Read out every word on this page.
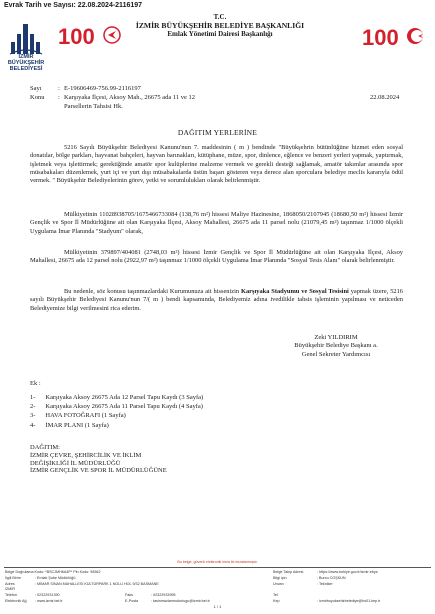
Evrak Tarih ve Sayısı: 22.08.2024-2116197
İZMİR
BÜYÜKŞEHİR
BELEDİYESİ
100
T.C.
İZMİR BÜYÜKŞEHİR BELEDİYE BAŞKANLIĞI
Emlak Yönetimi Dairesi Başkanlığı	100
Sayı	: E-19606469-756.99-2116197
22.08.2024
Konu : Karşıyaka İlçesi, Aksoy Mah., 26675 ada 11 ve 12
Parsellerin Tahsisi Hk.
DAĞITIM YERLERİNE
5216 Sayılı Büyükşehir Belediyesi Kanunu'nun 7. maddesinin ( m ) bendinde "Büyükşehrin bütünlüğüne hizmet eden sosyal donatılar, bölge parkları, hayvanat bahçeleri, hayvan barınakları, kütüphane, müze, spor, dinlence, eğlence ve benzeri yerleri yapmak, yaptırmak, işletmek veya işlettirmek; gerektiğinde amatör spor kulüplerine malzeme vermek ve gerekli desteği sağlamak, amatör takımlar arasında spor müsabakaları düzenlemek, yurt içi ve yurt dışı müsabakalarda üstün başarı gösteren veya derece alan sporculara belediye meclis kararıyla ödül vermek. " Büyükşehir Belediyelerinin görev, yetki ve sorumlulukları olarak belirlenmiştir.
Mülkiyetinin 11028938705/16754667330​84 (138,76 m²) hissesi Maliye Hazinesine, 1868050/2107945 (18680,50 m²) hissesi İzmir Gençlik ve Spor İl Müdürlüğüne ait olan Karşıyaka İlçesi, Aksoy Mahallesi, 26675 ada 11 parsel nolu (21079,45 m²) taşınmaz 1/1000 ölçekli Uygulama İmar Planında "Stadyum" olarak,
Mülkiyetinin 379897/404081 (2748,03 m²) hissesi İzmir Gençlik ve Spor İl Müdürlüğüne ait olan Karşıyaka İlçesi, Aksoy Mahallesi, 26675 ada 12 parsel nolu (2922,97 m²) taşınmaz 1/1000 ölçekli Uygulama İmar Planında "Sosyal Tesis Alanı" olarak belirlenmiştir.
Bu nedenle, söz konusu taşınmazlardaki Kurumunuza ait hissenizin Karşıyaka Stadyumu ve Sosyal Tesisini yapmak üzere, 5216 sayılı Büyükşehir Belediyesi Kanunu'nun 7/( m ) bendi kapsamında, Belediyemiz adına ivedilikle tahsis işleminin yapılması ve neticeden Belediyemize bilgi verilmesini rica ederim.
Zeki YILDIRIM
Büyükşehir Belediye Başkanı a.
Genel Sekreter Yardımcısı
Ek :
1-	Karşıyaka Aksoy 26675 Ada 12 Parsel Tapu Kaydı (3 Sayfa)
2-	Karşıyaka Aksoy 26675 Ada 11 Parsel Tapu Kaydı (4 Sayfa)
3-	HAVA FOTOĞRAFI (1 Sayfa)
4-	İMAR PLANI (1 Sayfa)
DAĞITIM:
İZMİR ÇEVRE, ŞEHİRCİLİK VE İKLİM
DEĞİŞİKLİĞİ İL MÜDÜRLÜĞÜ
İZMİR GENÇLİK VE SPOR İL MÜDÜRLÜĞÜNE
Bu belge, güvenli elektronik imza ile imzalanmıştır.
Belge Doğrulama Kodu: *BSCJMH6A4P* Pin Kodu: 98362	Belge Takip Adresi	: https://www.turkiye.gov.tr/izmir-ebys
İlgili Birim	: Emlak Şube Müdürlüğü	Bilgi için	: Burcu COŞKUN
Adres	: MİMAR SİNAN MAHALLESİ KÜLTÜRPARK 1 NOLU HOL 9/32 BASMANE	Unvan	: Tekniker
İZMİR
Telefon	: 02322931390	Faks	: 02322933995	Tel
Elektronik Ağ : www.izmir.bel.tr	E-Posta	: tasinmazlarmudurlugu@izmir.bel.tr	Kep	: izmirbuyuksehirbelediye@hs01.kep.tr
1 / 1
